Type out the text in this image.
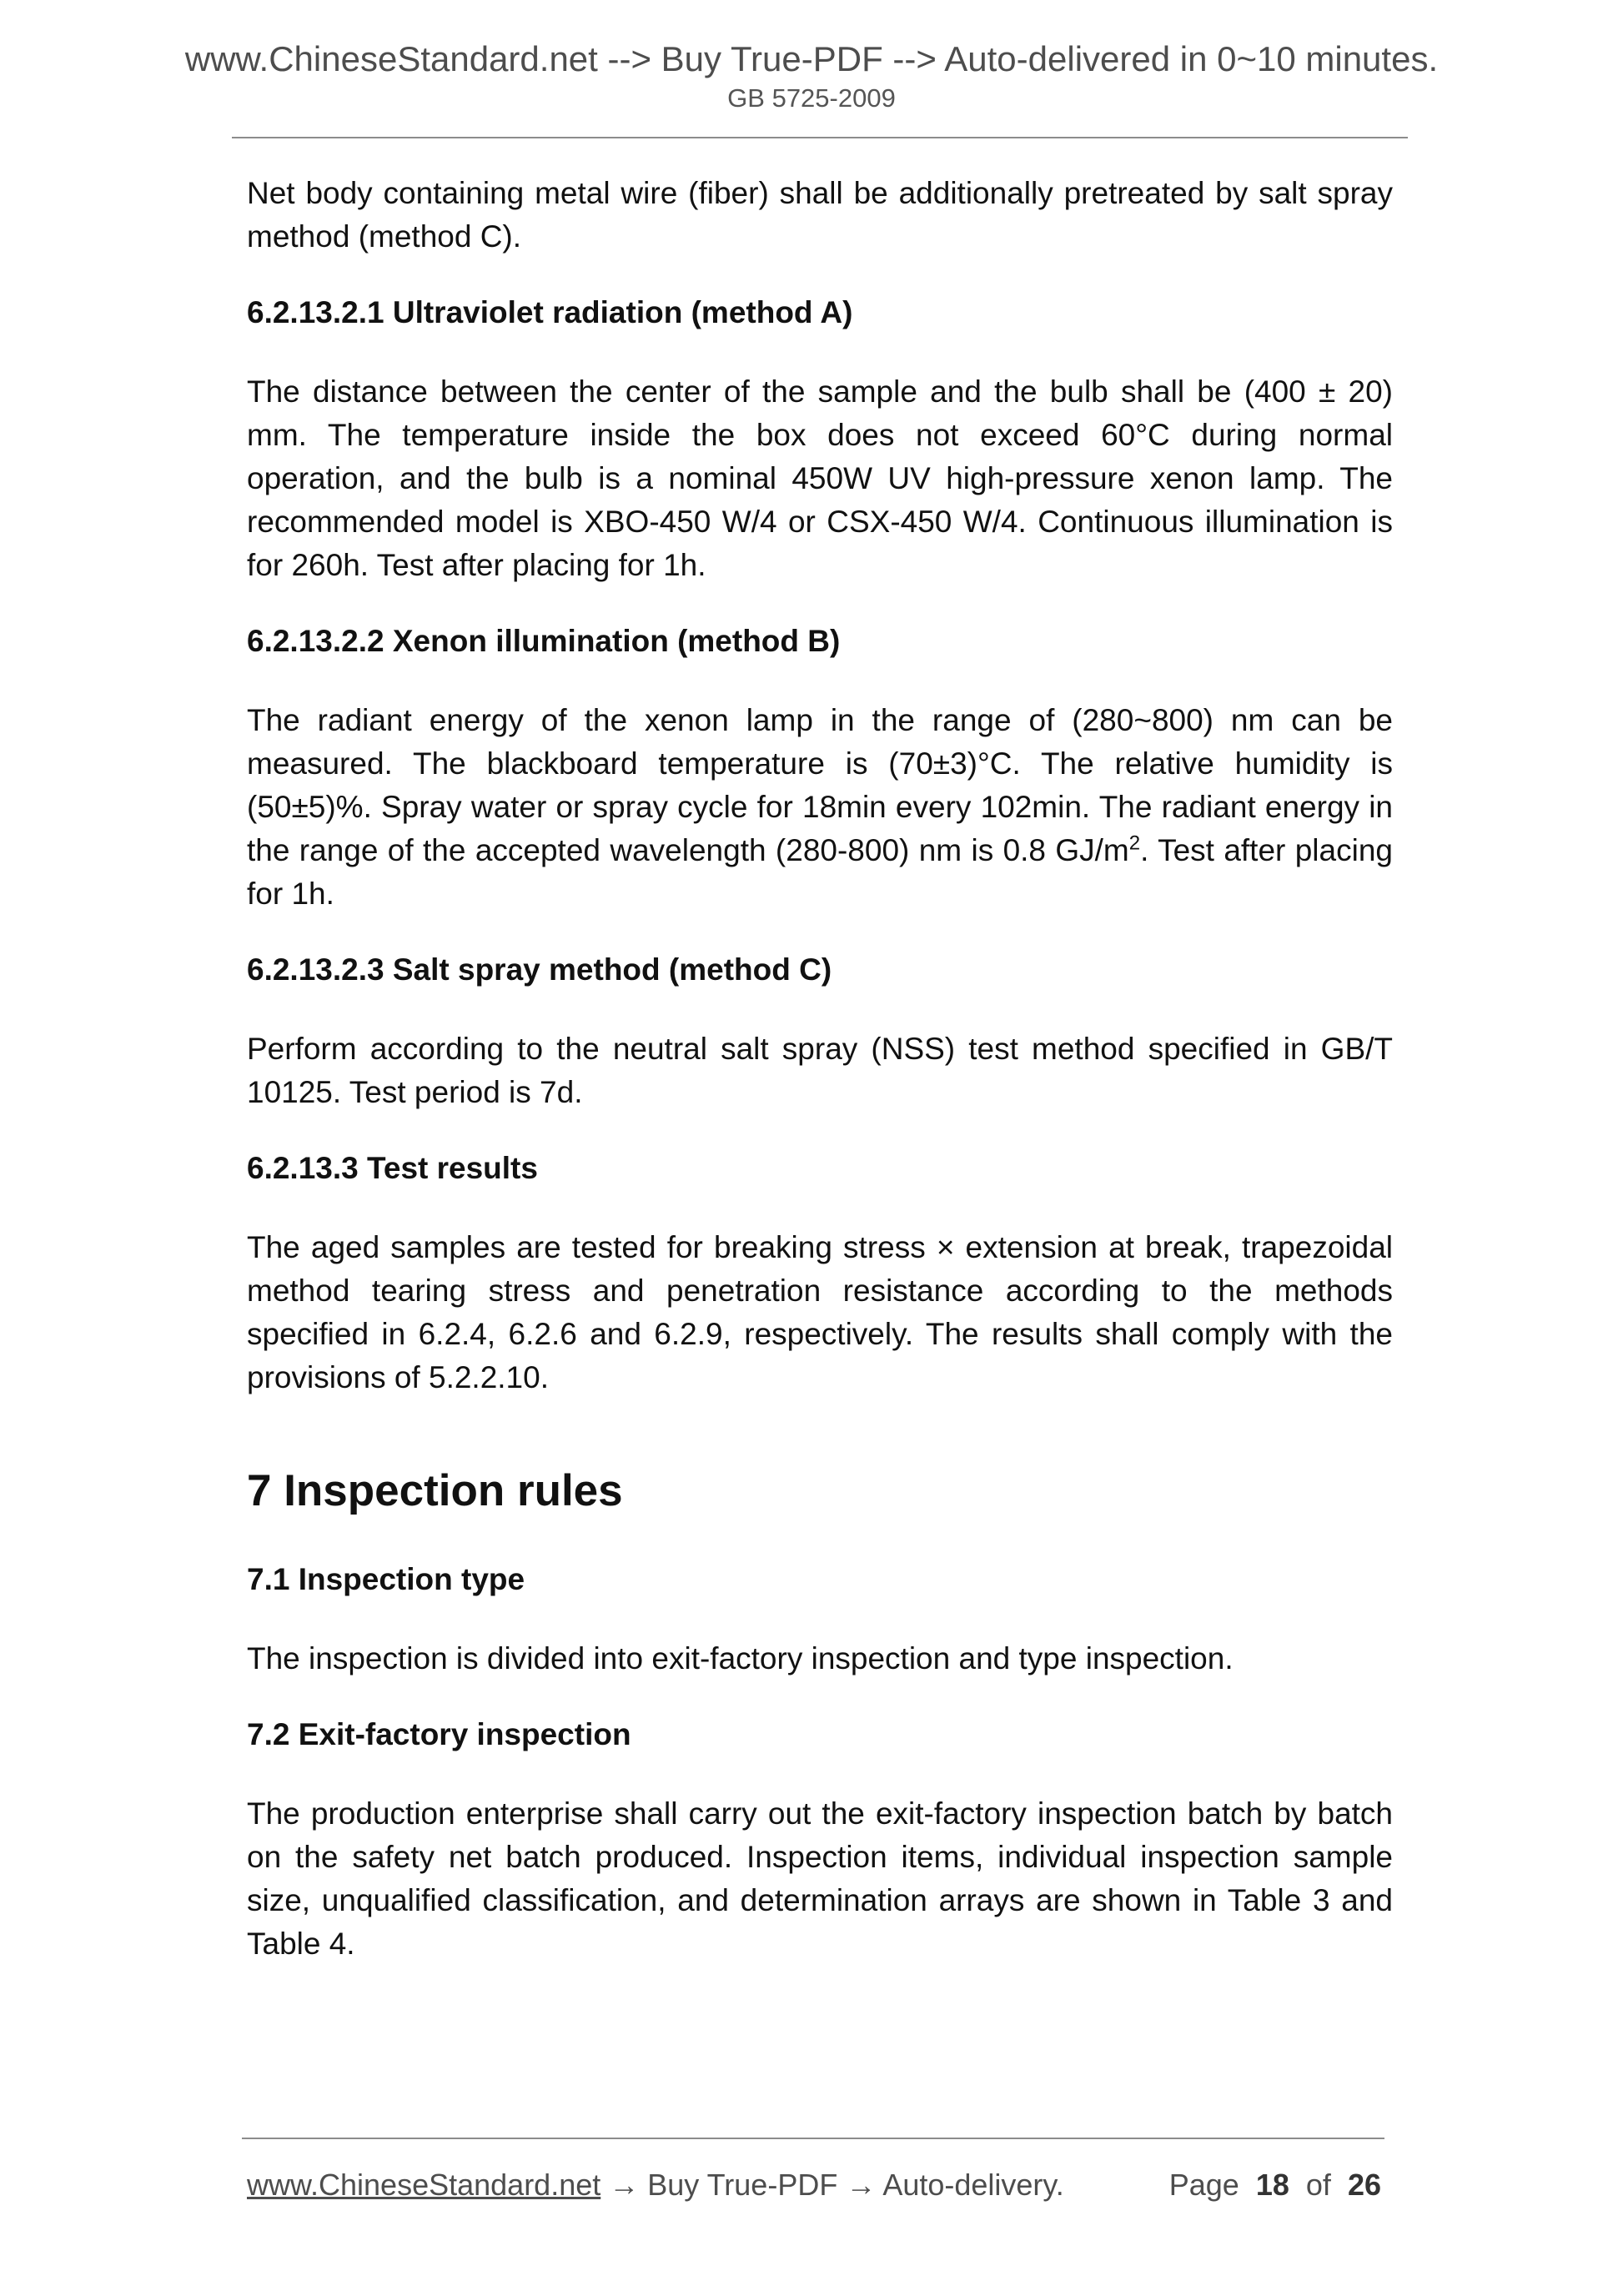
www.ChineseStandard.net --> Buy True-PDF --> Auto-delivered in 0~10 minutes.
GB 5725-2009

Net body containing metal wire (fiber) shall be additionally pretreated by salt spray method (method C).

6.2.13.2.1 Ultraviolet radiation (method A)

The distance between the center of the sample and the bulb shall be (400 ± 20) mm. The temperature inside the box does not exceed 60°C during normal operation, and the bulb is a nominal 450W UV high-pressure xenon lamp. The recommended model is XBO-450 W/4 or CSX-450 W/4. Continuous illumination is for 260h. Test after placing for 1h.

6.2.13.2.2 Xenon illumination (method B)

The radiant energy of the xenon lamp in the range of (280~800) nm can be measured. The blackboard temperature is (70±3)°C. The relative humidity is (50±5)%. Spray water or spray cycle for 18min every 102min. The radiant energy in the range of the accepted wavelength (280-800) nm is 0.8 $GJ/m^2$. Test after placing for 1h.

6.2.13.2.3 Salt spray method (method C)

Perform according to the neutral salt spray (NSS) test method specified in GB/T 10125. Test period is 7d.

6.2.13.3 Test results

The aged samples are tested for breaking stress × extension at break, trapezoidal method tearing stress and penetration resistance according to the methods specified in 6.2.4, 6.2.6 and 6.2.9, respectively. The results shall comply with the provisions of 5.2.2.10.

7 Inspection rules
7.1 Inspection type

The inspection is divided into exit-factory inspection and type inspection.

7.2 Exit-factory inspection

The production enterprise shall carry out the exit-factory inspection batch by batch on the safety net batch produced. Inspection items, individual inspection sample size, unqualified classification, and determination arrays are shown in Table 3 and Table 4.

www.ChineseStandard.net → Buy True-PDF → Auto-delivery.	Page 18 of 26
